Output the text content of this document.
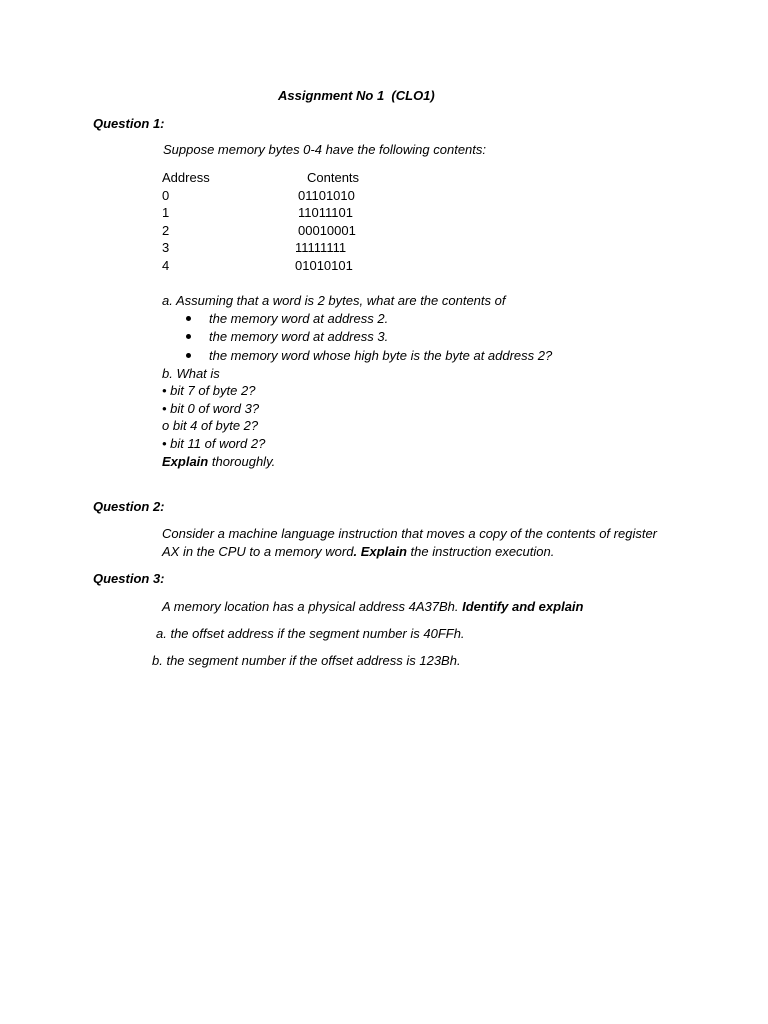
Assignment No 1  (CLO1)
Question 1:
Suppose memory bytes 0-4 have the following contents:
Address	Contents
0	01101010
1	11011101
2	00010001
3	11111111
4	01010101
a. Assuming that a word is 2 bytes, what are the contents of
the memory word at address 2.
the memory word at address 3.
the memory word whose high byte is the byte at address 2?
b. What is
• bit 7 of byte 2?
• bit 0 of word 3?
o bit 4 of byte 2?
• bit 11 of word 2?
Explain thoroughly.
Question 2:
Consider a machine language instruction that moves a copy of the contents of register
AX in the CPU to a memory word. Explain the instruction execution.
Question 3:
A memory location has a physical address 4A37Bh. Identify and explain
a. the offset address if the segment number is 40FFh.
b. the segment number if the offset address is 123Bh.
